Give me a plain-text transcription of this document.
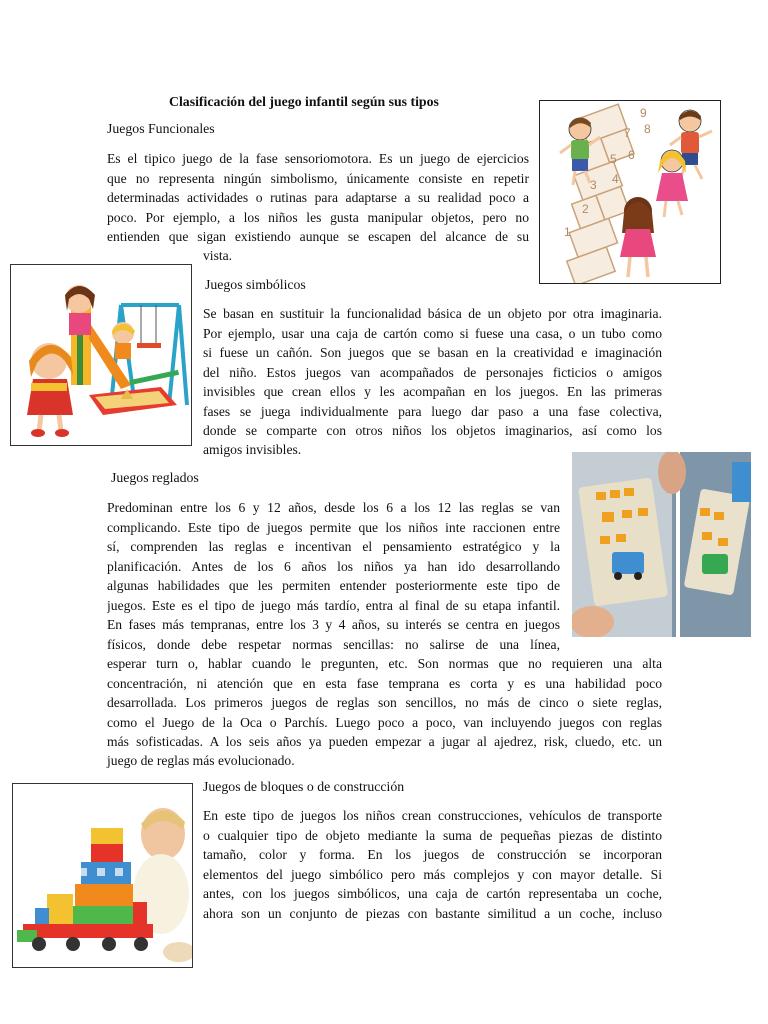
Clasificación del juego infantil según sus tipos
Juegos Funcionales
Es el tipico juego de la fase sensoriomotora. Es un juego de ejercicios
que no representa ningún simbolismo, únicamente consiste en repetir
determinadas actividades o rutinas para adaptarse a su realidad poco a
poco. Por ejemplo, a los niños les gusta manipular objetos, pero no
entienden que sigan existiendo aunque se escapen del alcance de su
vista.
1
2
3 4
5 6
7 8
9
Juegos simbólicos
Se basan en sustituir la funcionalidad básica de un objeto por otra imaginaria.
Por ejemplo, usar una caja de cartón como si fuese una casa, o un tubo como
si fuese un cañón. Son juegos que se basan en la creatividad e imaginación
del niño. Estos juegos van acompañados de personajes ficticios o amigos
invisibles que crean ellos y les acompañan en los juegos. En las primeras
fases se juega individualmente para luego dar paso a una fase colectiva,
donde se comparte con otros niños los objetos imaginarios, así como los
amigos invisibles.
Juegos reglados
Predominan entre los 6 y 12 años, desde los 6 a los 12 las reglas se van
complicando. Este tipo de juegos permite que los niños inte raccionen entre
sí, comprenden las reglas e incentivan el pensamiento estratégico y la
planificación. Antes de los 6 años los niños ya han ido desarrollando
algunas habilidades que les permiten entender posteriormente este tipo de
juegos. Este es el tipo de juego más tardío, entra al final de su etapa infantil.
En fases más tempranas, entre los 3 y 4 años, su interés se centra en juegos
físicos, donde debe respetar normas sencillas: no salirse de una línea,
esperar turn o, hablar cuando le pregunten, etc. Son normas que no requieren una alta
concentración, ni atención que en esta fase temprana es corta y es una habilidad poco
desarrollada. Los primeros juegos de reglas son sencillos, no más de cinco o siete reglas,
como el Juego de la Oca o Parchís. Luego poco a poco, van incluyendo juegos con reglas
más sofisticadas. A los seis años ya pueden empezar a jugar al ajedrez, risk, cluedo, etc. un
juego de reglas más evolucionado.
Juegos de bloques o de construcción
En este tipo de juegos los niños crean construcciones, vehículos de transporte
o cualquier tipo de objeto mediante la suma de pequeñas piezas de distinto
tamaño, color y forma. En los juegos de construcción se incorporan
elementos del juego simbólico pero más complejos y con mayor detalle. Si
antes, con los juegos simbólicos, una caja de cartón representaba un coche,
ahora son un conjunto de piezas con bastante similitud a un coche, incluso
